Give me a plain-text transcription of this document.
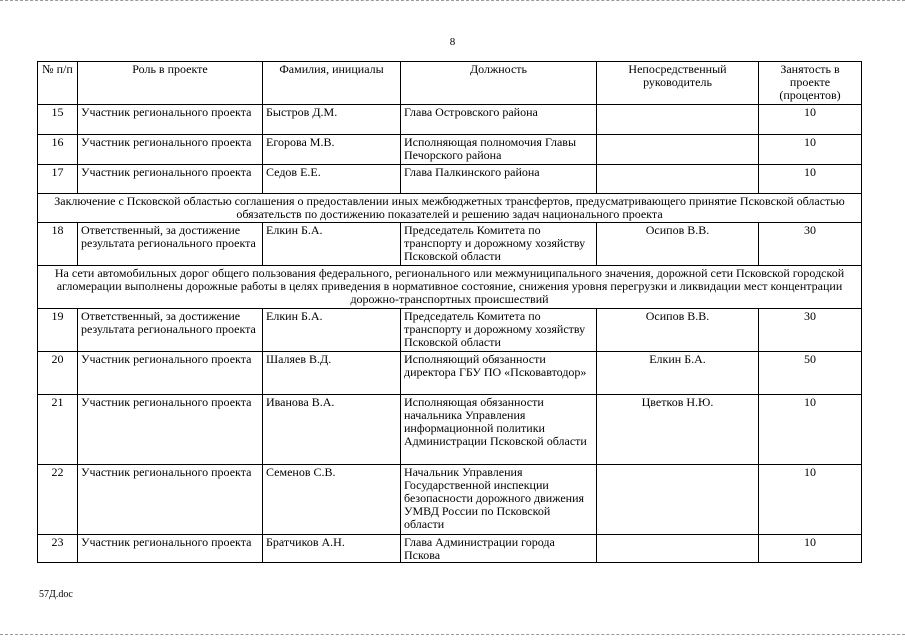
8
№ п/п	Роль в проекте	Фамилия, инициалы	Должность	Непосредственный руководитель	Занятость в проекте (процентов)
15	Участник регионального проекта	Быстров Д.М.	Глава Островского района		10
16	Участник регионального проекта	Егорова М.В.	Исполняющая полномочия Главы Печорского района		10
17	Участник регионального проекта	Седов Е.Е.	Глава Палкинского района		10
Заключение с Псковской областью соглашения о предоставлении иных межбюджетных трансфертов, предусматривающего принятие Псковской областью обязательств по достижению показателей и решению задач национального проекта					
18	Ответственный, за достижение результата регионального проекта	Елкин Б.А.	Председатель Комитета по транспорту и дорожному хозяйству Псковской области	Осипов В.В.	30
На сети автомобильных дорог общего пользования федерального, регионального или межмуниципального значения, дорожной сети Псковской городской агломерации выполнены дорожные работы в целях приведения в нормативное состояние, снижения уровня перегрузки и ликвидации мест концентрации дорожно-транспортных происшествий					
19	Ответственный, за достижение результата регионального проекта	Елкин Б.А.	Председатель Комитета по транспорту и дорожному хозяйству Псковской области	Осипов В.В.	30
20	Участник регионального проекта	Шаляев В.Д.	Исполняющий обязанности директора ГБУ ПО «Псковавтодор»	Елкин Б.А.	50
21	Участник регионального проекта	Иванова В.А.	Исполняющая обязанности начальника Управления информационной политики Администрации Псковской области	Цветков Н.Ю.	10
22	Участник регионального проекта	Семенов С.В.	Начальник Управления Государственной инспекции безопасности дорожного движения УМВД России по Псковской области		10
23	Участник регионального проекта	Братчиков А.Н.	Глава Администрации города Пскова		10
57Д.doc
